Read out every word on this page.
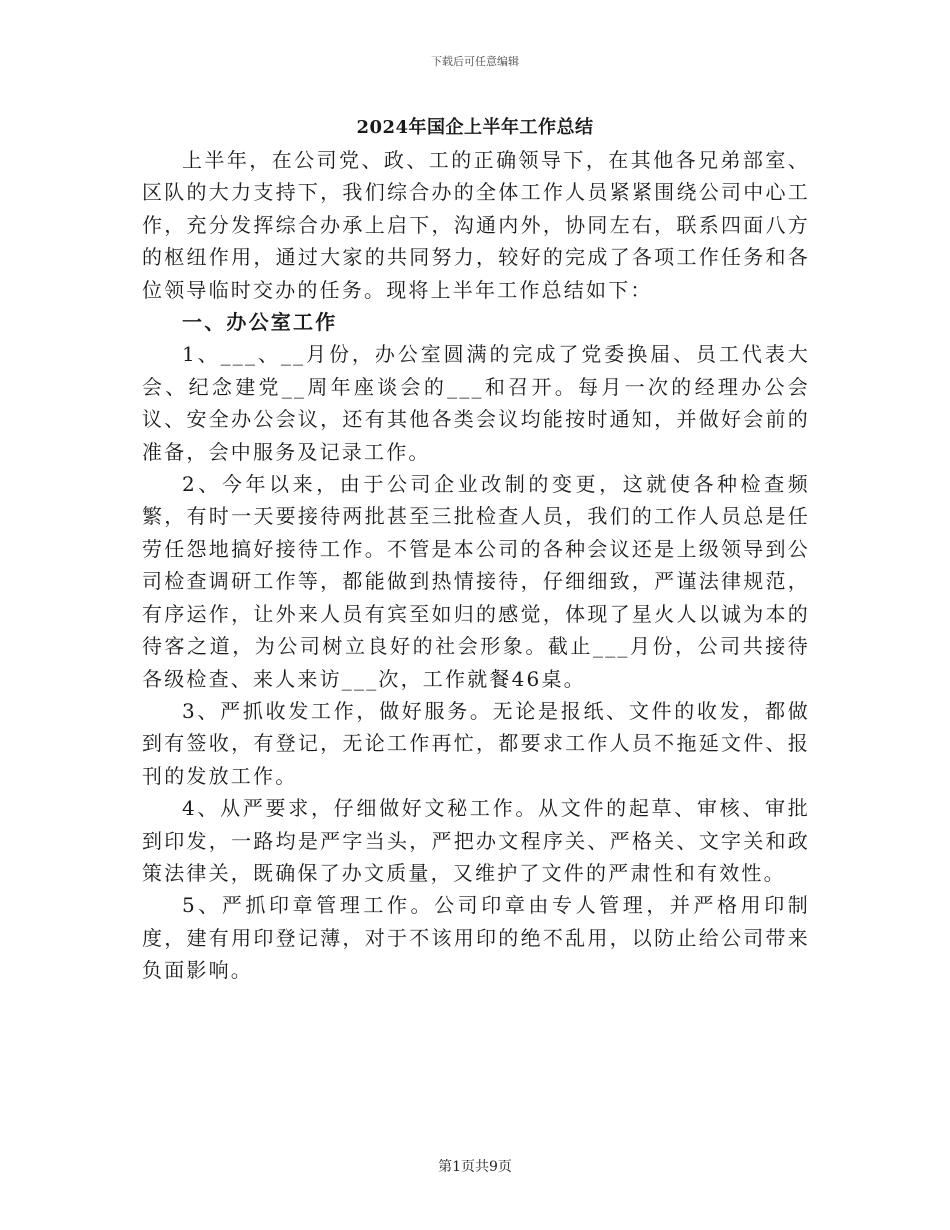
下载后可任意编辑
2024年国企上半年工作总结

上半年，在公司党、政、工的正确领导下，在其他各兄弟部室、区队的大力支持下，我们综合办的全体工作人员紧紧围绕公司中心工作，充分发挥综合办承上启下，沟通内外，协同左右，联系四面八方的枢纽作用，通过大家的共同努力，较好的完成了各项工作任务和各位领导临时交办的任务。现将上半年工作总结如下：

一、办公室工作

1、___、__月份，办公室圆满的完成了党委换届、员工代表大会、纪念建党__周年座谈会的___和召开。每月一次的经理办公会议、安全办公会议，还有其他各类会议均能按时通知，并做好会前的准备，会中服务及记录工作。

2、今年以来，由于公司企业改制的变更，这就使各种检查频繁，有时一天要接待两批甚至三批检查人员，我们的工作人员总是任劳任怨地搞好接待工作。不管是本公司的各种会议还是上级领导到公司检查调研工作等，都能做到热情接待，仔细细致，严谨法律规范，有序运作，让外来人员有宾至如归的感觉，体现了星火人以诚为本的待客之道，为公司树立良好的社会形象。截止___月份，公司共接待各级检查、来人来访___次，工作就餐46桌。

3、严抓收发工作，做好服务。无论是报纸、文件的收发，都做到有签收，有登记，无论工作再忙，都要求工作人员不拖延文件、报刊的发放工作。

4、从严要求，仔细做好文秘工作。从文件的起草、审核、审批到印发，一路均是严字当头，严把办文程序关、严格关、文字关和政策法律关，既确保了办文质量，又维护了文件的严肃性和有效性。

5、严抓印章管理工作。公司印章由专人管理，并严格用印制度，建有用印登记薄，对于不该用印的绝不乱用，以防止给公司带来负面影响。

第1页共9页
